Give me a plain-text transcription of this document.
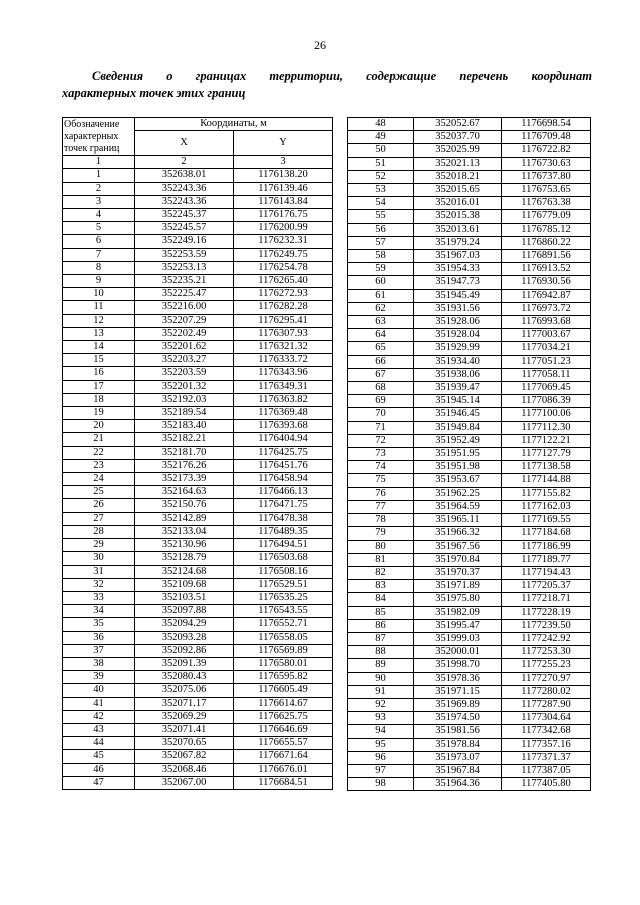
26
Сведения о границах территории, содержащие перечень координат
характерных точек этих границ
Обозначение
характерных
точек границ	Координаты, м	
	X	Y
1	2	3
1	352638.01	1176138.20
2	352243.36	1176139.46
3	352243.36	1176143.84
4	352245.37	1176176.75
5	352245.57	1176200.99
6	352249.16	1176232.31
7	352253.59	1176249.75
8	352253.13	1176254.78
9	352235.21	1176265.40
10	352225.47	1176272.93
11	352216.00	1176282.28
12	352207.29	1176295.41
13	352202.49	1176307.93
14	352201.62	1176321.32
15	352203.27	1176333.72
16	352203.59	1176343.96
17	352201.32	1176349.31
18	352192.03	1176363.82
19	352189.54	1176369.48
20	352183.40	1176393.68
21	352182.21	1176404.94
22	352181.70	1176425.75
23	352176.26	1176451.76
24	352173.39	1176458.94
25	352164.63	1176466.13
26	352150.76	1176471.75
27	352142.89	1176478.38
28	352133.04	1176489.35
29	352130.96	1176494.51
30	352128.79	1176503.68
31	352124.68	1176508.16
32	352109.68	1176529.51
33	352103.51	1176535.25
34	352097.88	1176543.55
35	352094.29	1176552.71
36	352093.28	1176558.05
37	352092.86	1176569.89
38	352091.39	1176580.01
39	352080.43	1176595.82
40	352075.06	1176605.49
41	352071.17	1176614.67
42	352069.29	1176625.75
43	352071.41	1176646.69
44	352070.65	1176655.57
45	352067.82	1176671.64
46	352068.46	1176676.01
47	352067.00	1176684.51
48	352052.67	1176698.54
49	352037.70	1176709.48
50	352025.99	1176722.82
51	352021.13	1176730.63
52	352018.21	1176737.80
53	352015.65	1176753.65
54	352016.01	1176763.38
55	352015.38	1176779.09
56	352013.61	1176785.12
57	351979.24	1176860.22
58	351967.03	1176891.56
59	351954.33	1176913.52
60	351947.73	1176930.56
61	351945.49	1176942.87
62	351931.56	1176973.72
63	351928.06	1176993.68
64	351928.04	1177003.67
65	351929.99	1177034.21
66	351934.40	1177051.23
67	351938.06	1177058.11
68	351939.47	1177069.45
69	351945.14	1177086.39
70	351946.45	1177100.06
71	351949.84	1177112.30
72	351952.49	1177122.21
73	351951.95	1177127.79
74	351951.98	1177138.58
75	351953.67	1177144.88
76	351962.25	1177155.82
77	351964.59	1177162.03
78	351965.11	1177169.55
79	351966.32	1177184.68
80	351967.56	1177186.99
81	351970.84	1177189.77
82	351970.37	1177194.43
83	351971.89	1177205.37
84	351975.80	1177218.71
85	351982.09	1177228.19
86	351995.47	1177239.50
87	351999.03	1177242.92
88	352000.01	1177253.30
89	351998.70	1177255.23
90	351978.36	1177270.97
91	351971.15	1177280.02
92	351969.89	1177287.90
93	351974.50	1177304.64
94	351981.56	1177342.68
95	351978.84	1177357.16
96	351973.07	1177371.37
97	351967.84	1177387.05
98	351964.36	1177405.80
